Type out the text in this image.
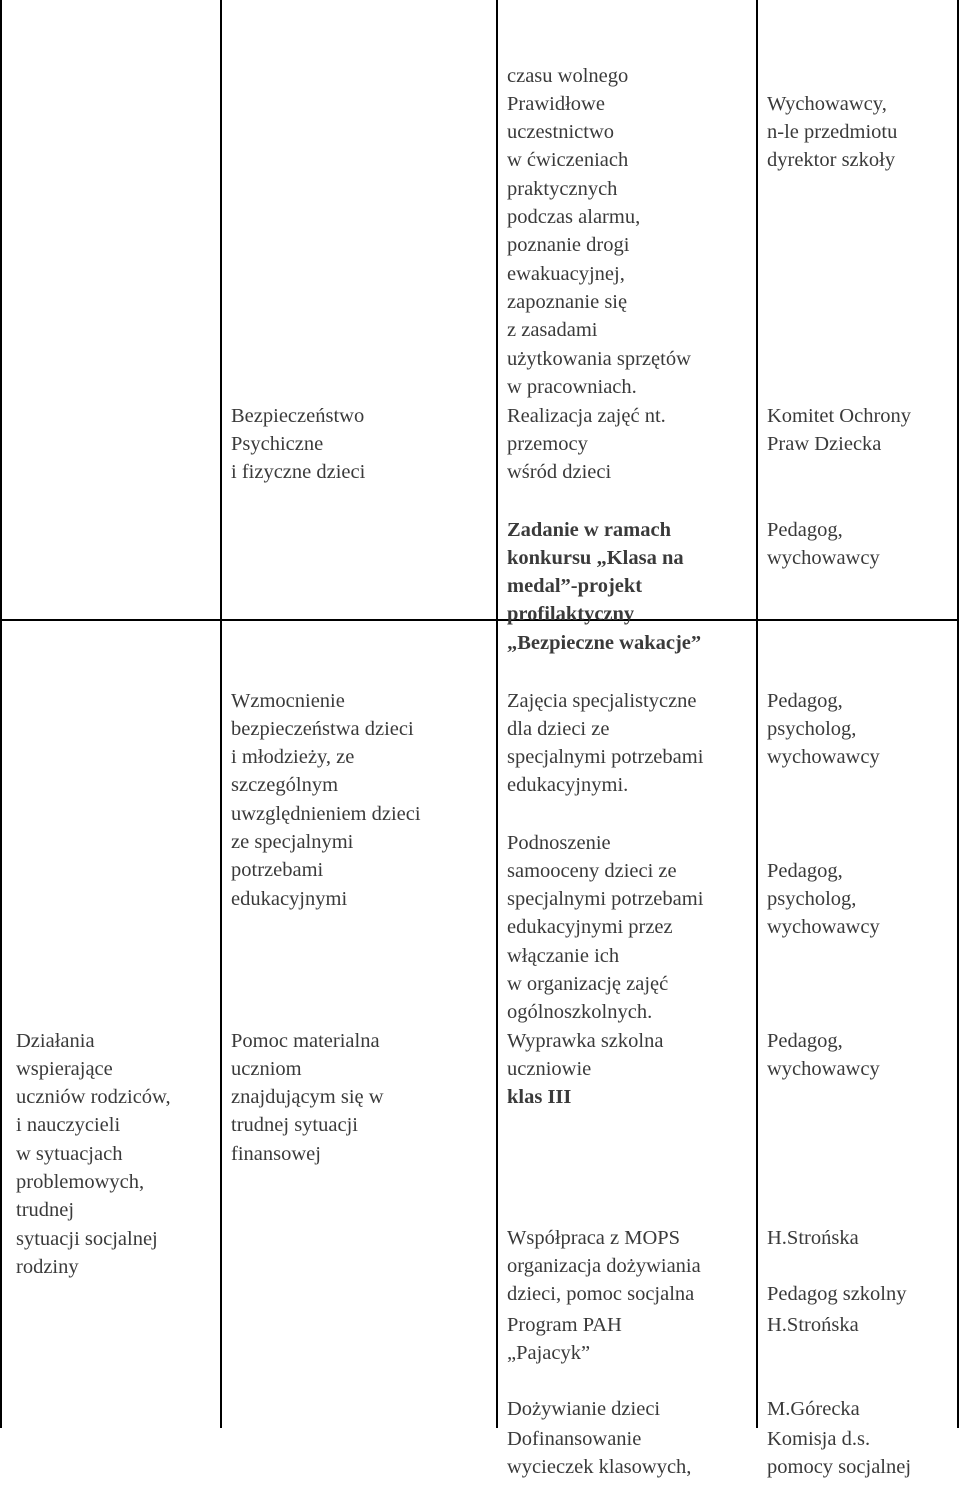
Działania
wspierające
uczniów rodziców,
i nauczycieli
w sytuacjach
problemowych,
trudnej
sytuacji socjalnej
rodziny

Bezpieczeństwo
Psychiczne
i fizyczne dzieci

Wzmocnienie
bezpieczeństwa dzieci
i młodzieży, ze
szczególnym
uwzględnieniem dzieci
ze specjalnymi
potrzebami
edukacyjnymi

Pomoc materialna
uczniom
znajdującym się w
trudnej sytuacji
finansowej

czasu wolnego
Prawidłowe
uczestnictwo
w ćwiczeniach
praktycznych
podczas alarmu,
poznanie drogi
ewakuacyjnej,
zapoznanie się
z zasadami
użytkowania sprzętów
w pracowniach.

Realizacja zajęć nt.
przemocy
wśród dzieci

Zadanie w ramach
konkursu „Klasa na
medal”-projekt
profilaktyczny
„Bezpieczne wakacje”

Zajęcia specjalistyczne
dla dzieci ze
specjalnymi potrzebami
edukacyjnymi.

Podnoszenie
samooceny dzieci ze
specjalnymi potrzebami
edukacyjnymi przez
włączanie ich
w organizację zajęć
ogólnoszkolnych.

Wyprawka szkolna
uczniowie
klas III

Współpraca z MOPS
organizacja dożywiania
dzieci, pomoc socjalna

Program PAH
„Pajacyk”

Dożywianie dzieci

Dofinansowanie
wycieczek klasowych,

Wychowawcy,
n-le przedmiotu
dyrektor szkoły

Komitet Ochrony
Praw Dziecka

Pedagog,
wychowawcy

Pedagog,
psycholog,
wychowawcy

Pedagog,
psycholog,
wychowawcy

Pedagog,
wychowawcy

H.Strońska

Pedagog szkolny

H.Strońska

M.Górecka

Komisja d.s.
pomocy socjalnej
